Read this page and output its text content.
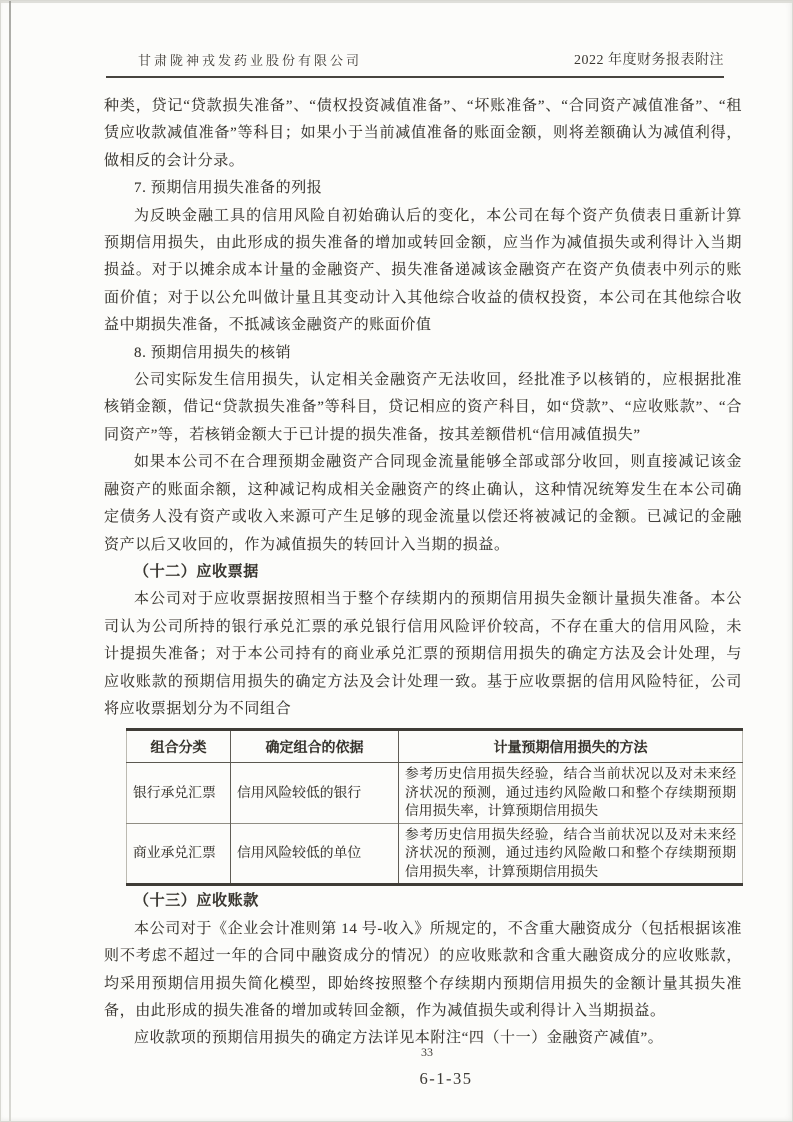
甘肃陇神戎发药业股份有限公司	2022 年度财务报表附注

种类，贷记“贷款损失准备”、“债权投资减值准备”、“坏账准备”、“合同资产减值准备”、“租赁应收款减值准备”等科目；如果小于当前减值准备的账面金额，则将差额确认为减值利得，做相反的会计分录。

7. 预期信用损失准备的列报

为反映金融工具的信用风险自初始确认后的变化，本公司在每个资产负债表日重新计算预期信用损失，由此形成的损失准备的增加或转回金额，应当作为减值损失或利得计入当期损益。对于以摊余成本计量的金融资产、损失准备递减该金融资产在资产负债表中列示的账面价值；对于以公允叫做计量且其变动计入其他综合收益的债权投资，本公司在其他综合收益中期损失准备，不抵减该金融资产的账面价值

8. 预期信用损失的核销

公司实际发生信用损失，认定相关金融资产无法收回，经批准予以核销的，应根据批准核销金额，借记“贷款损失准备”等科目，贷记相应的资产科目，如“贷款”、“应收账款”、“合同资产”等，若核销金额大于已计提的损失准备，按其差额借机“信用减值损失”

如果本公司不在合理预期金融资产合同现金流量能够全部或部分收回，则直接减记该金融资产的账面余额，这种减记构成相关金融资产的终止确认，这种情况统筹发生在本公司确定债务人没有资产或收入来源可产生足够的现金流量以偿还将被减记的金额。已减记的金融资产以后又收回的，作为减值损失的转回计入当期的损益。

（十二）应收票据

本公司对于应收票据按照相当于整个存续期内的预期信用损失金额计量损失准备。本公司认为公司所持的银行承兑汇票的承兑银行信用风险评价较高，不存在重大的信用风险，未计提损失准备；对于本公司持有的商业承兑汇票的预期信用损失的确定方法及会计处理，与应收账款的预期信用损失的确定方法及会计处理一致。基于应收票据的信用风险特征，公司将应收票据划分为不同组合

组合分类	确定组合的依据	计量预期信用损失的方法
银行承兑汇票	信用风险较低的银行	参考历史信用损失经验，结合当前状况以及对未来经济状况的预测，通过违约风险敞口和整个存续期预期信用损失率，计算预期信用损失
商业承兑汇票	信用风险较低的单位	参考历史信用损失经验，结合当前状况以及对未来经济状况的预测，通过违约风险敞口和整个存续期预期信用损失率，计算预期信用损失

（十三）应收账款

本公司对于《企业会计准则第 14 号-收入》所规定的，不含重大融资成分（包括根据该准则不考虑不超过一年的合同中融资成分的情况）的应收账款和含重大融资成分的应收账款，均采用预期信用损失简化模型，即始终按照整个存续期内预期信用损失的金额计量其损失准备，由此形成的损失准备的增加或转回金额，作为减值损失或利得计入当期损益。

应收款项的预期信用损失的确定方法详见本附注“四（十一）金融资产减值”。

33
6-1-35
